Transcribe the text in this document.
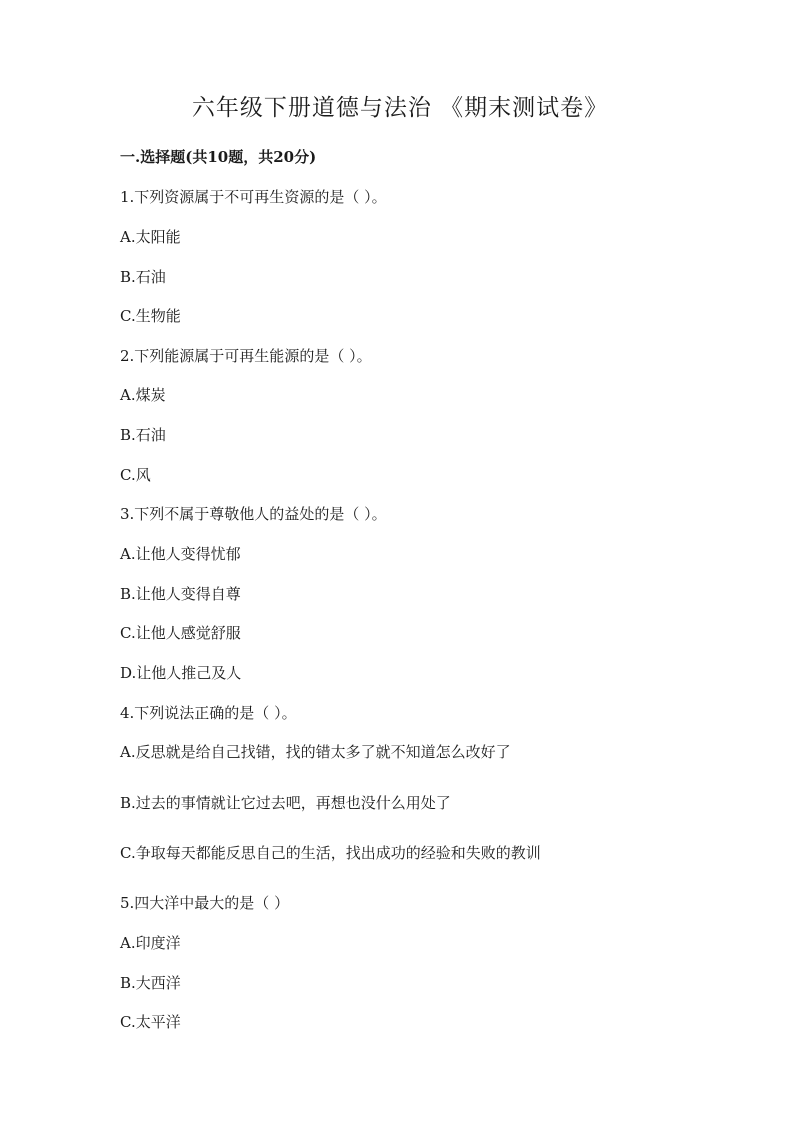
六年级下册道德与法治 《期末测试卷》
一.选择题(共10题，共20分)
1.下列资源属于不可再生资源的是（ ）。
A.太阳能
B.石油
C.生物能
2.下列能源属于可再生能源的是（ ）。
A.煤炭
B.石油
C.风
3.下列不属于尊敬他人的益处的是（ ）。
A.让他人变得忧郁
B.让他人变得自尊
C.让他人感觉舒服
D.让他人推己及人
4.下列说法正确的是（ ）。
A.反思就是给自己找错，找的错太多了就不知道怎么改好了
B.过去的事情就让它过去吧，再想也没什么用处了
C.争取每天都能反思自己的生活，找出成功的经验和失败的教训
5.四大洋中最大的是（ ）
A.印度洋
B.大西洋
C.太平洋
